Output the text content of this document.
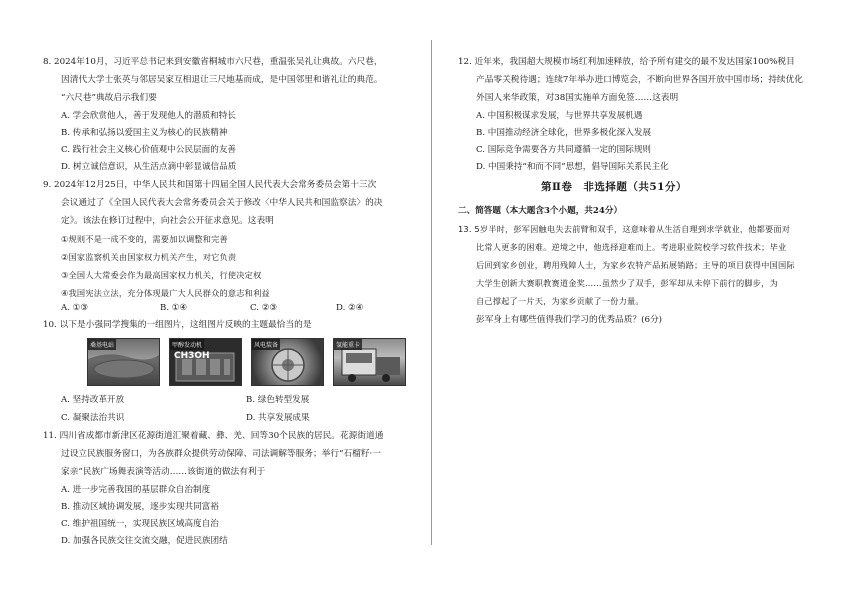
8. 2024年10月，习近平总书记来到安徽省桐城市六尺巷，重温张吴礼让典故。六尺巷，
因清代大学士张英与邻居吴家互相退让三尺地基而成，是中国邻里和谐礼让的典范。
“六尺巷”典故启示我们要
A. 学会欣赏他人，善于发现他人的潜质和特长
B. 传承和弘扬以爱国主义为核心的民族精神
C. 践行社会主义核心价值观中公民层面的友善
D. 树立诚信意识，从生活点滴中彰显诚信品质
9. 2024年12月25日，中华人民共和国第十四届全国人民代表大会常务委员会第十三次
会议通过了《全国人民代表大会常务委员会关于修改〈中华人民共和国监察法〉的决
定》。该法在修订过程中，向社会公开征求意见。这表明
①规则不是一成不变的，需要加以调整和完善
②国家监察机关由国家权力机关产生，对它负责
③全国人大常委会作为最高国家权力机关，行使决定权
④我国宪法立法，充分体现最广大人民群众的意志和利益
A. ①③	B. ①④	C. ②③	D. ②④
10. 以下是小强同学搜集的一组图片，这组图片反映的主题最恰当的是
桑基电站	甲醇发动机
CH3OH
风电装备	氢能重卡
A. 坚持改革开放	B. 绿色转型发展
C. 凝聚法治共识	D. 共享发展成果
11. 四川省成都市新津区花源街道汇聚着藏、彝、羌、回等30个民族的居民。花源街道通
过设立民族服务窗口，为各族群众提供劳动保障、司法调解等服务；举行“石榴籽·一
家亲”民族广场舞表演等活动……该街道的做法有利于
A. 进一步完善我国的基层群众自治制度
B. 推动区域协调发展，逐步实现共同富裕
C. 维护祖国统一，实现民族区域高度自治
D. 加强各民族交往交流交融，促进民族团结
12. 近年来，我国超大规模市场红利加速释放，给予所有建交的最不发达国家100%税目
产品零关税待遇；连续7年举办进口博览会，不断向世界各国开放中国市场；持续优化
外国人来华政策，对38国实施单方面免签……这表明
A. 中国积极谋求发展，与世界共享发展机遇
B. 中国推动经济全球化，世界多极化深入发展
C. 国际竞争需要各方共同遵循一定的国际规则
D. 中国秉持“和而不同”思想，倡导国际关系民主化
第Ⅱ卷　非选择题（共51分）
二、简答题（本大题含3个小题，共24分）
13. 5岁半时，彭军因触电失去前臂和双手，这意味着从生活自理到求学就业，他都要面对
比常人更多的困难。逆境之中，他选择迎难而上。考进职业院校学习软件技术；毕业
后回到家乡创业，聘用残障人士，为家乡农特产品拓展销路；主导的项目获得中国国际
大学生创新大赛职教赛道金奖……虽然少了双手，彭军却从未停下前行的脚步，为
自己撑起了一片天，为家乡贡献了一份力量。
彭军身上有哪些值得我们学习的优秀品质？(6分)
